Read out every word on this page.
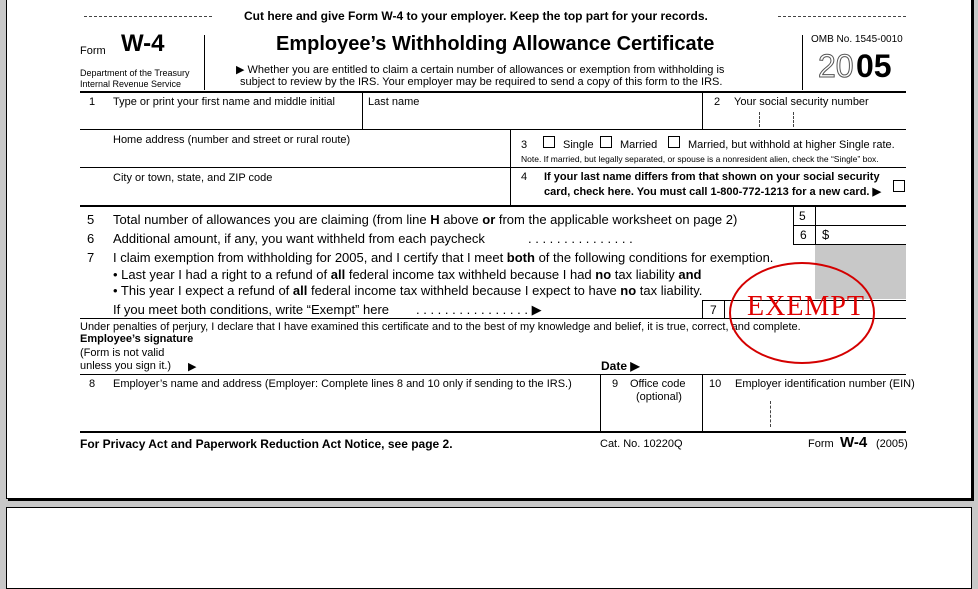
Cut here and give Form W-4 to your employer. Keep the top part for your records.
Form W-4
Department of the Treasury
Internal Revenue Service
Employee’s Withholding Allowance Certificate
▶ Whether you are entitled to claim a certain number of allowances or exemption from withholding is
subject to review by the IRS. Your employer may be required to send a copy of this form to the IRS.
OMB No. 1545-0010
20 05
1 Type or print your first name and middle initial	Last name	2 Your social security number
Home address (number and street or rural route)	3	Single Married	Married, but withhold at higher Single rate.
Note. If married, but legally separated, or spouse is a nonresident alien, check the “Single” box.
City or town, state, and ZIP code	4 If your last name differs from that shown on your social security
card, check here. You must call 1-800-772-1213 for a new card. ▶
5 Total number of allowances you are claiming (from line H above or from the applicable worksheet on page 2)	5
6 Additional amount, if any, you want withheld from each paycheck	. . . . . . . . . . . . . . .	6 $
7 I claim exemption from withholding for 2005, and I certify that I meet both of the following conditions for exemption.
• Last year I had a right to a refund of all federal income tax withheld because I had no tax liability and
• This year I expect a refund of all federal income tax withheld because I expect to have no tax liability.
If you meet both conditions, write “Exempt” here . . . . . . . . . . . . . . . . ▶	7
Under penalties of perjury, I declare that I have examined this certificate and to the best of my knowledge and belief, it is true, correct, and complete.
Employee’s signature
(Form is not valid
unless you sign it.) ▶	Date ▶
8 Employer’s name and address (Employer: Complete lines 8 and 10 only if sending to the IRS.)	9 Office code
(optional)
10 Employer identification number (EIN)
For Privacy Act and Paperwork Reduction Act Notice, see page 2.	Cat. No. 10220Q	Form W-4 (2005)
EXEMPT
